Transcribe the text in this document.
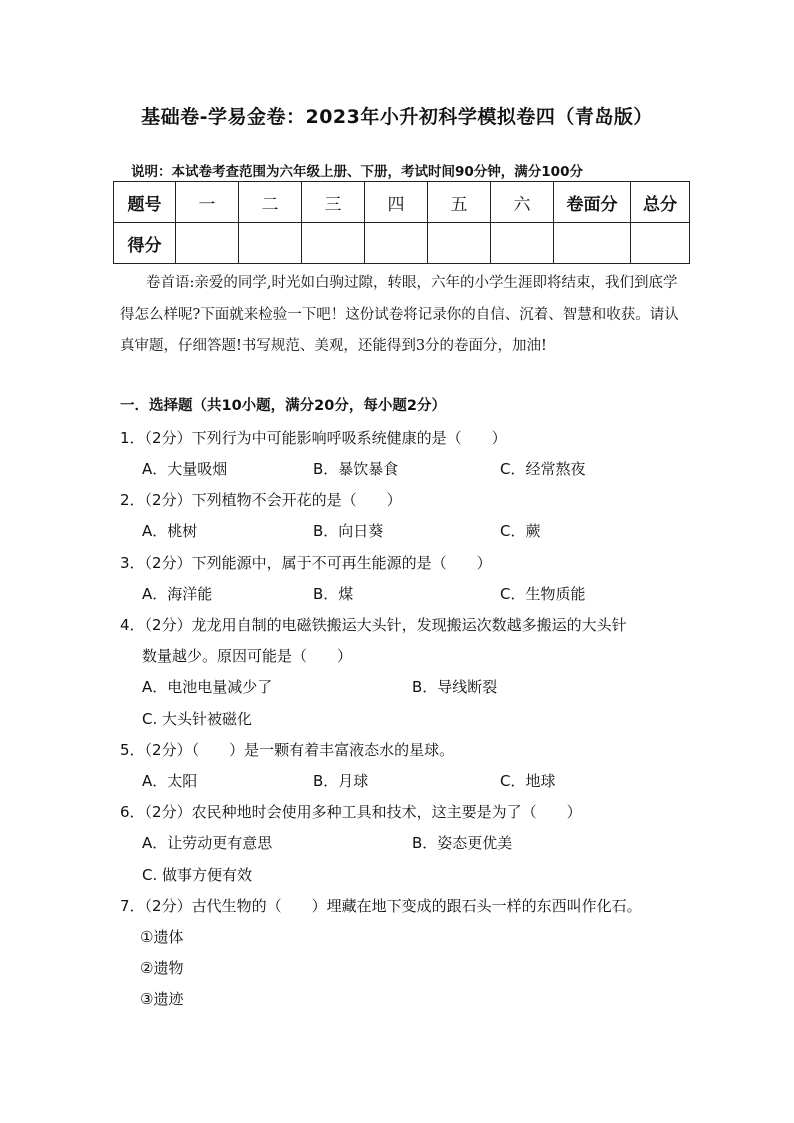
基础卷-学易金卷：2023年小升初科学模拟卷四（青岛版）
说明：本试卷考查范围为六年级上册、下册，考试时间90分钟，满分100分
题号	一	二	三	四	五	六	卷面分	总分
得分								
卷首语:亲爱的同学,时光如白驹过隙，转眼，六年的小学生涯即将结束，我们到底学得怎么样呢?下面就来检验一下吧！这份试卷将记录你的自信、沉着、智慧和收获。请认真审题，仔细答题!书写规范、美观，还能得到3分的卷面分，加油!
一．选择题（共10小题，满分20分，每小题2分）
1．（2分）下列行为中可能影响呼吸系统健康的是（　　）
A．大量吸烟	B．暴饮暴食	C．经常熬夜
2．（2分）下列植物不会开花的是（　　）
A．桃树	B．向日葵	C．蕨
3．（2分）下列能源中，属于不可再生能源的是（　　）
A．海洋能	B．煤	C．生物质能
4．（2分）龙龙用自制的电磁铁搬运大头针，发现搬运次数越多搬运的大头针
数量越少。原因可能是（　　）
A．电池电量减少了	B．导线断裂
C. 大头针被磁化
5．（2分）（　　）是一颗有着丰富液态水的星球。
A．太阳	B．月球	C．地球
6．（2分）农民种地时会使用多种工具和技术，这主要是为了（　　）
A．让劳动更有意思	B．姿态更优美
C. 做事方便有效
7．（2分）古代生物的（　　）埋藏在地下变成的跟石头一样的东西叫作化石。
①遗体
②遗物
③遗迹
